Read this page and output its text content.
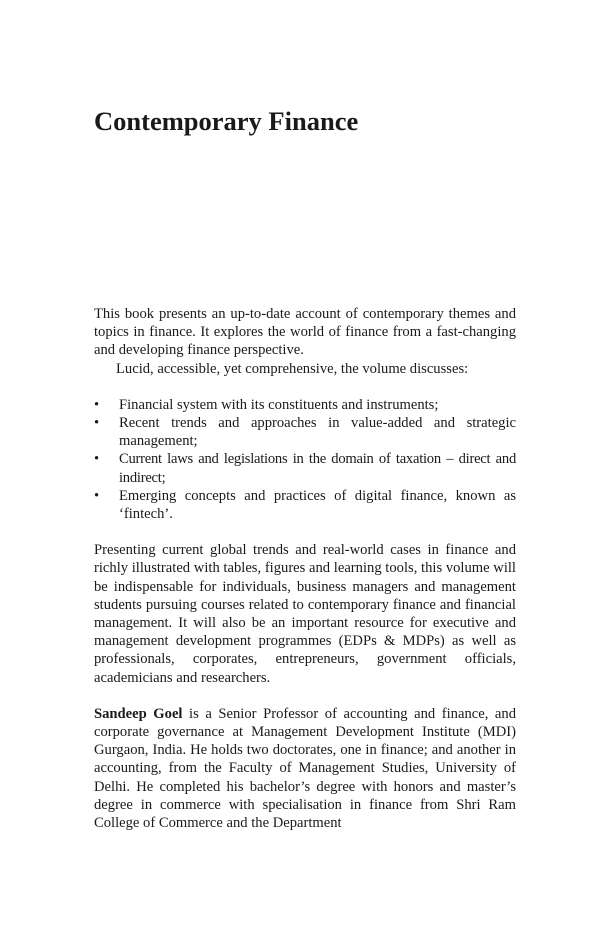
Contemporary Finance

This book presents an up-to-date account of contemporary themes and topics in finance. It explores the world of finance from a fast-changing and developing finance perspective.

Lucid, accessible, yet comprehensive, the volume discusses:

• Financial system with its constituents and instruments;
• Recent trends and approaches in value-added and strategic management;
• Current laws and legislations in the domain of taxation – direct and indirect;
• Emerging concepts and practices of digital finance, known as ‘fintech’.

Presenting current global trends and real-world cases in finance and richly illustrated with tables, figures and learning tools, this volume will be indispensable for individuals, business managers and management students pursuing courses related to contemporary finance and financial management. It will also be an important resource for executive and management development programmes (EDPs & MDPs) as well as professionals, corporates, entrepreneurs, government officials, academicians and researchers.

Sandeep Goel is a Senior Professor of accounting and finance, and corporate governance at Management Development Institute (MDI) Gurgaon, India. He holds two doctorates, one in finance; and another in accounting, from the Faculty of Management Studies, University of Delhi. He completed his bachelor’s degree with honors and master’s degree in commerce with specialisation in finance from Shri Ram College of Commerce and the Department
